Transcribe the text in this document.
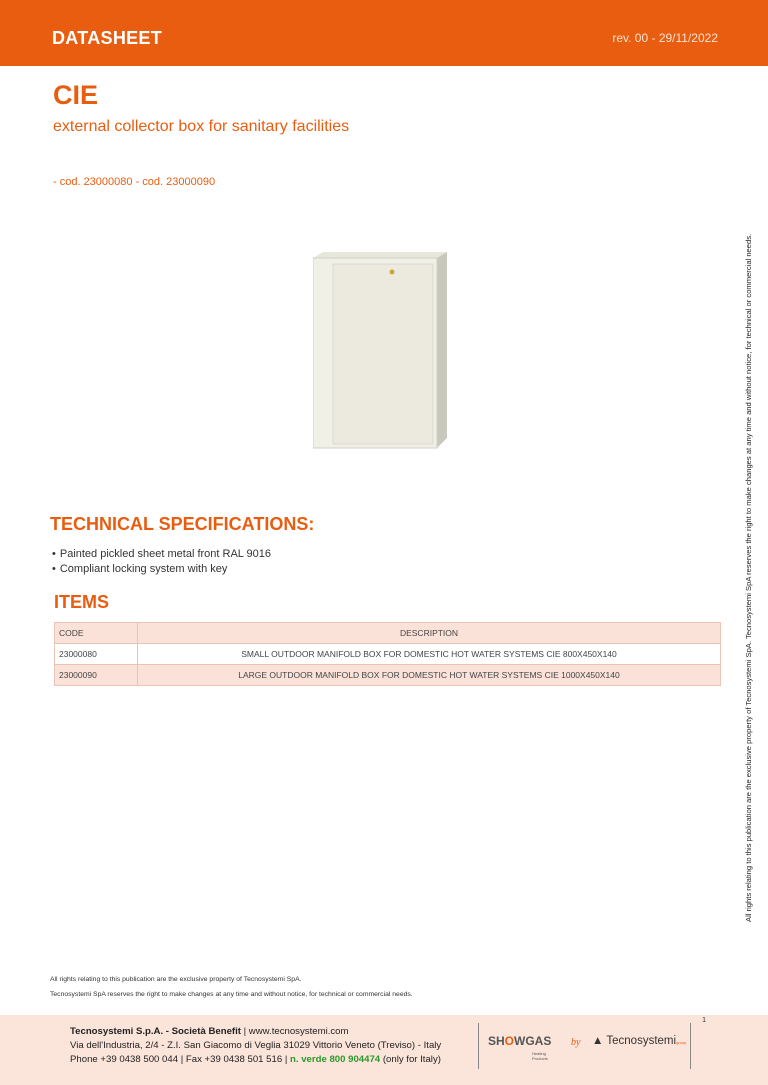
DATASHEET	rev. 00 - 29/11/2022
CIE
external collector box for sanitary facilities
- cod. 23000080 - cod. 23000090
All rights relating to this publication are the exclusive property of Tecnosystemi SpA. Tecnosystemi SpA reserves the right to make changes at any time and without notice, for technical or commercial needs.
TECHNICAL SPECIFICATIONS:
• Painted pickled sheet metal front RAL 9016
• Compliant locking system with key
ITEMS
CODE	DESCRIPTION
23000080	SMALL OUTDOOR MANIFOLD BOX FOR DOMESTIC HOT WATER SYSTEMS CIE 800X450X140
23000090	LARGE OUTDOOR MANIFOLD BOX FOR DOMESTIC HOT WATER SYSTEMS CIE 1000X450X140
All rights relating to this publication are the exclusive property of Tecnosystemi SpA.
Tecnosystemi SpA reserves the right to make changes at any time and without notice, for technical or commercial needs.
Tecnosystemi S.p.A. - Società Benefit | www.tecnosystemi.com
Via dell'Industria, 2/4 - Z.I. San Giacomo di Veglia 31029 Vittorio Veneto (Treviso) - Italy
Phone +39 0438 500 044 | Fax +39 0438 501 516 | n. verde 800 904474 (only for Italy)
SHOWGAS
Heating Products
by ▲ Tecnosystemigroup
1
